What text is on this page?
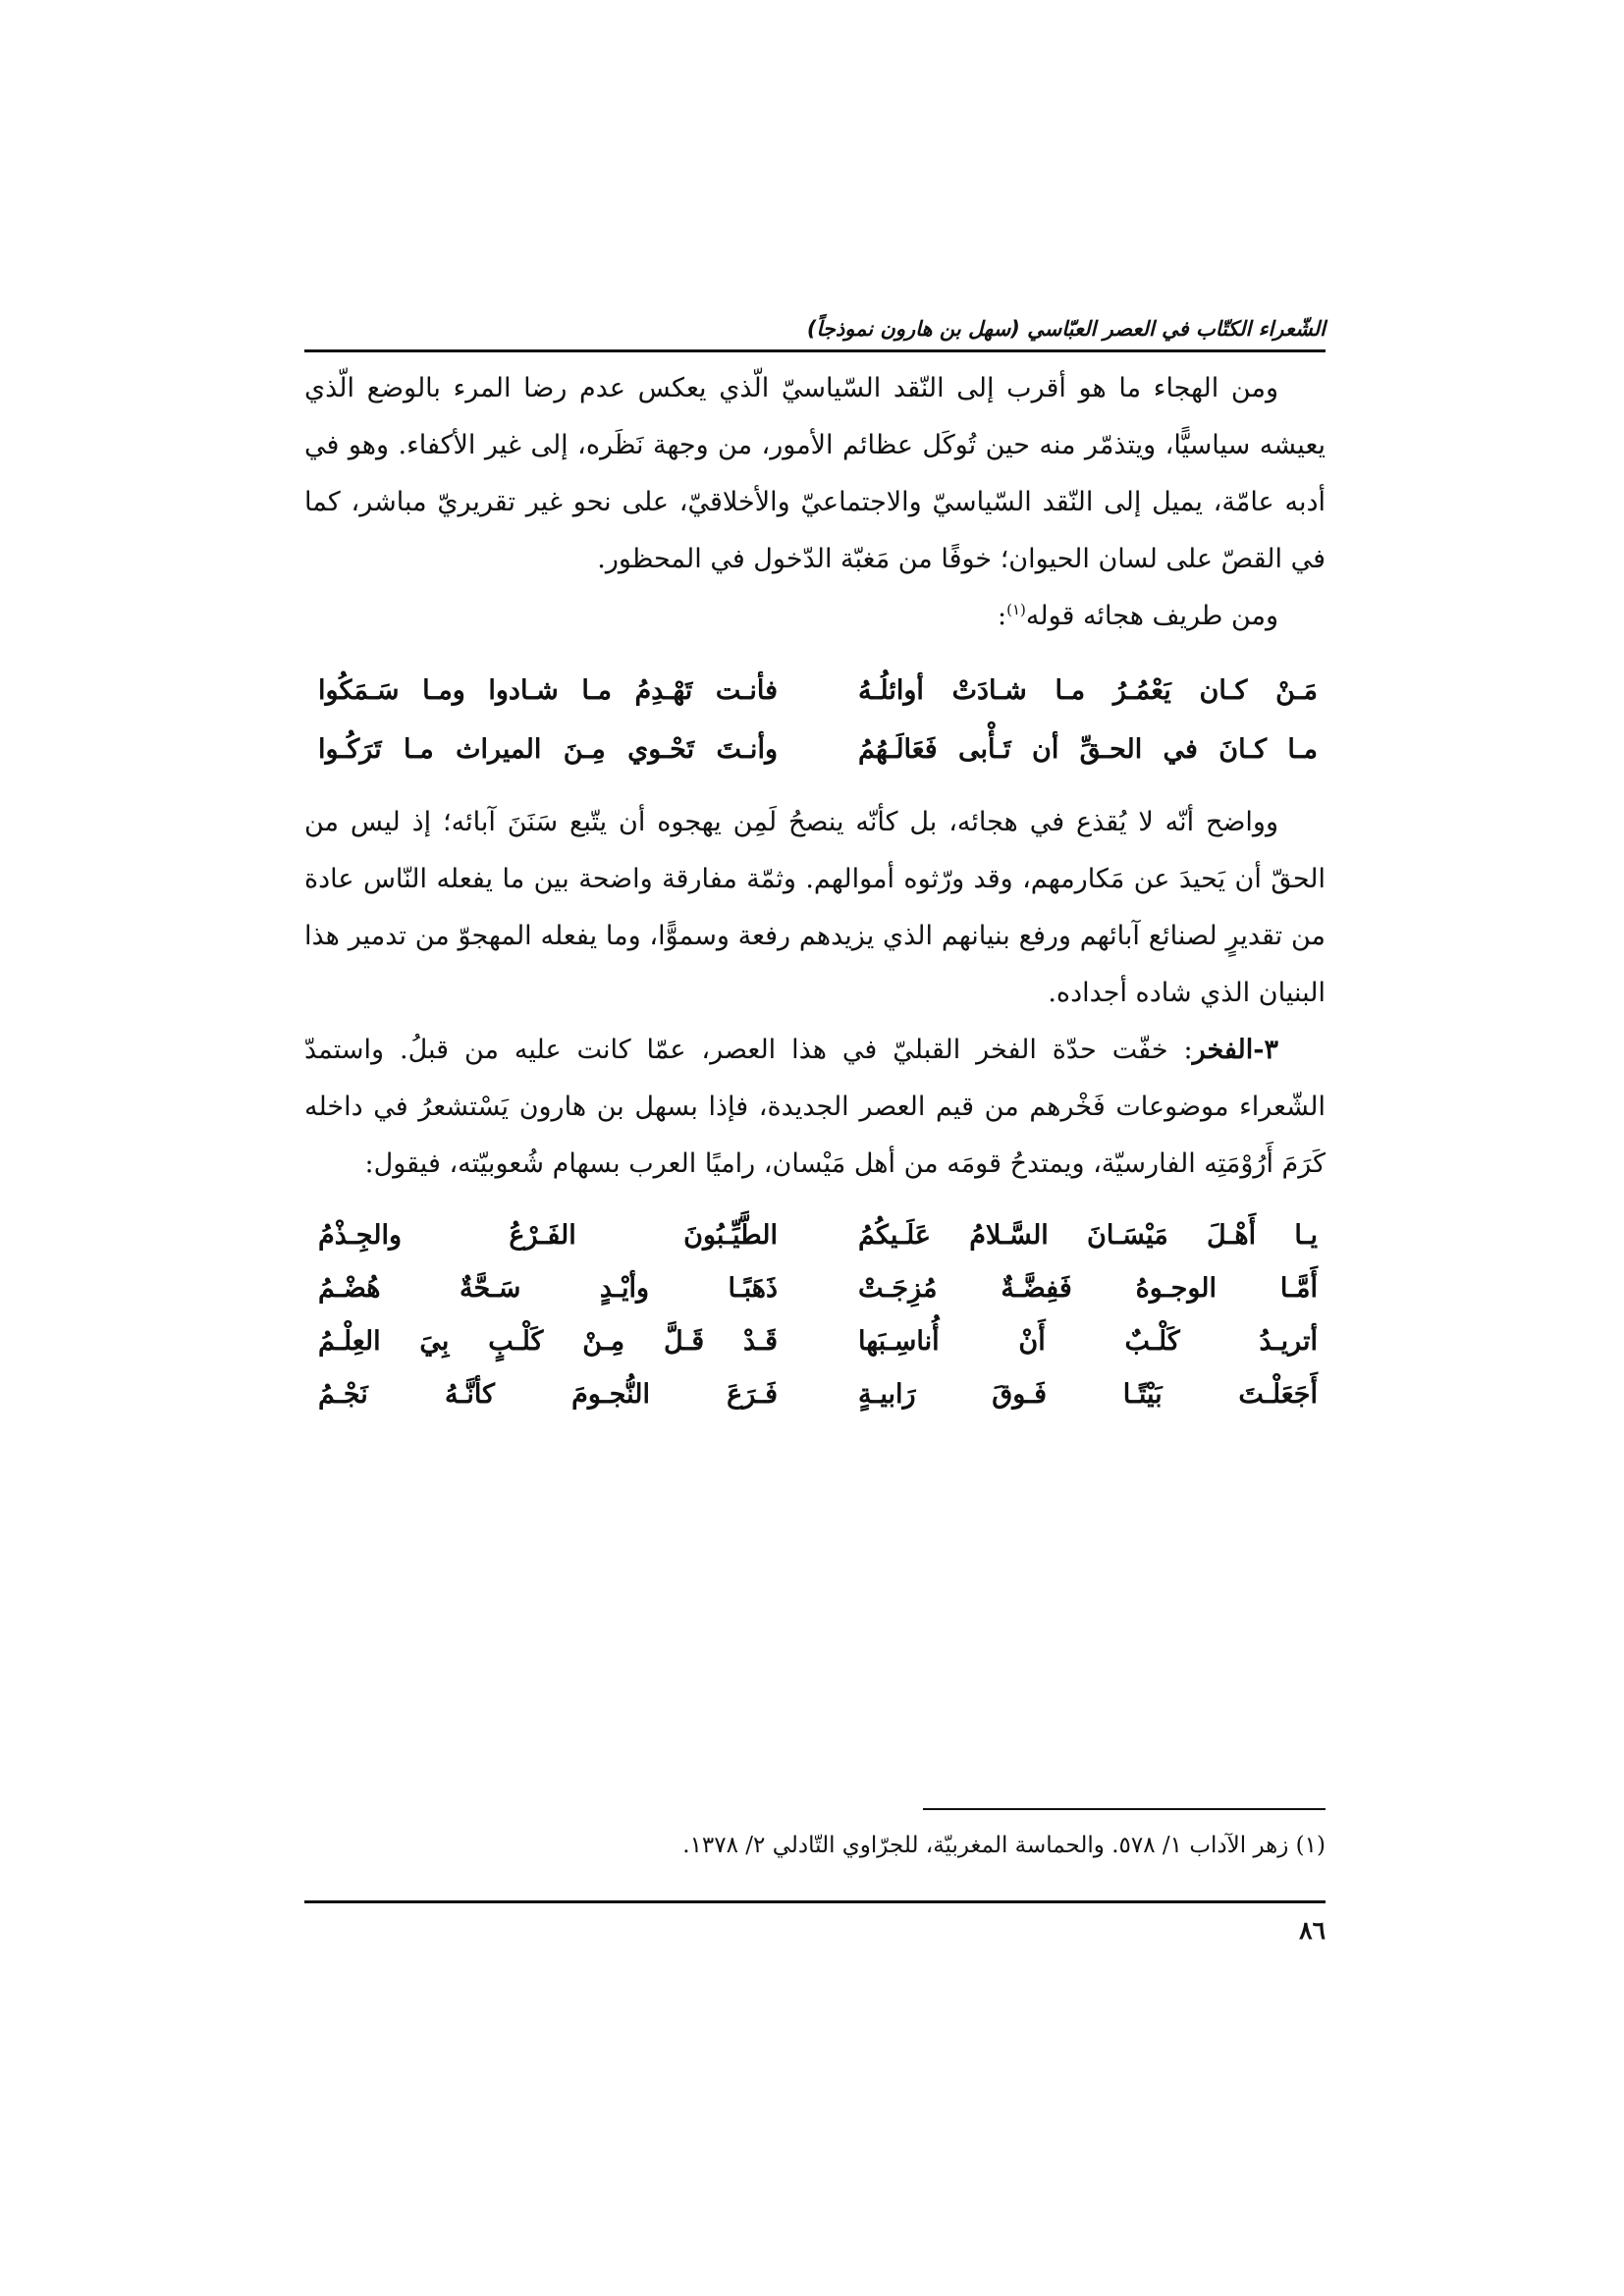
الشّعراء الكتّاب في العصر العبّاسي (سهل بن هارون نموذجاً)

ومن الهجاء ما هو أقرب إلى النّقد السّياسيّ الّذي يعكس عدم رضا المرء بالوضع الّذي يعيشه سياسيًّا، ويتذمّر منه حين تُوكَل عظائم الأمور، من وجهة نَظَره، إلى غير الأكفاء. وهو في أدبه عامّة، يميل إلى النّقد السّياسيّ والاجتماعيّ والأخلاقيّ، على نحو غير تقريريّ مباشر، كما في القصّ على لسان الحيوان؛ خوفًا من مَغبّة الدّخول في المحظور.

ومن طريف هجائه قوله$^{(١)}$:

مَـنْ كـان يَعْمُـرُ مـا شـادَتْ أوائلُـهُ
فأنـت تَهْـدِمُ مـا شـادوا ومـا سَـمَكُوا
مـا كـانَ في الحـقِّ أن تَـأْبى فَعَالَـهُمُ
وأنـتَ تَحْـوي مِـنَ الميراث مـا تَرَكُـوا

وواضح أنّه لا يُقذع في هجائه، بل كأنّه ينصحُ لَمِن يهجوه أن يتّبع سَنَنَ آبائه؛ إذ ليس من الحقّ أن يَحيدَ عن مَكارمهم، وقد ورّثوه أموالهم. وثمّة مفارقة واضحة بين ما يفعله النّاس عادة من تقديرٍ لصنائع آبائهم ورفع بنيانهم الذي يزيدهم رفعة وسموًّا، وما يفعله المهجوّ من تدمير هذا البنيان الذي شاده أجداده.

٣-الفخر: خفّت حدّة الفخر القبليّ في هذا العصر، عمّا كانت عليه من قبلُ. واستمدّ الشّعراء موضوعات فَخْرهم من قيم العصر الجديدة، فإذا بسهل بن هارون يَسْتشعرُ في داخله كَرَمَ أَرُوْمَتِه الفارسيّة، ويمتدحُ قومَه من أهل مَيْسان، راميًا العرب بسهام شُعوبيّته، فيقول:

يـا أَهْـلَ مَيْسَـانَ السَّـلامُ عَلَـيكُمُ
الطَّيِّـبُونَ الفَـرْعُ والجِـذْمُ
أَمَّـا الوجـوهُ فَفِضَّـةٌ مُزِجَـتْ
ذَهَبًـا وأيْـدٍ سَـحَّةٌ هُضْـمُ
أتريـدُ كَلْـبٌ أَنْ أُناسِـبَها
قَـدْ قَـلَّ مِـنْ كَلْـبٍ بِيَ العِلْـمُ
أَجَعَلْـتَ بَيْتًـا فَـوقَ رَابيـةٍ
فَـرَعَ النُّجـومَ كأنَّـهُ نَجْـمُ
(١) زهر الآداب ١/ ٥٧٨. والحماسة المغربيّة، للجرّاوي التّادلي ٢/ ١٣٧٨.
٨٦
